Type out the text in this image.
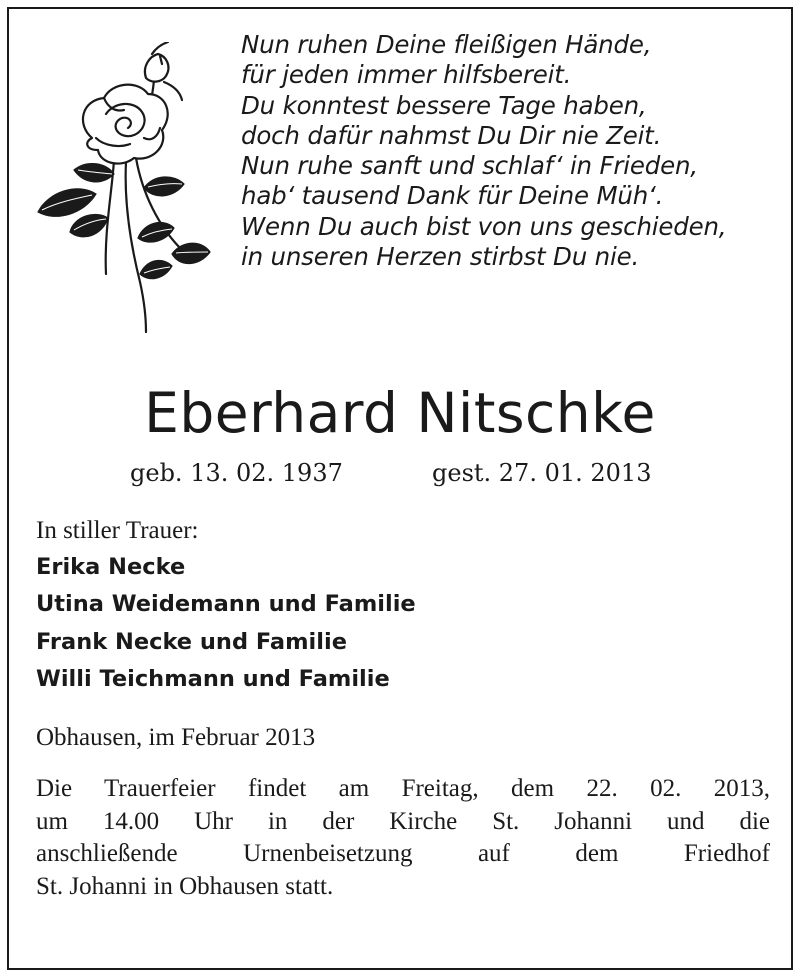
Nun ruhen Deine fleißigen Hände,
für jeden immer hilfsbereit.
Du konntest bessere Tage haben,
doch dafür nahmst Du Dir nie Zeit.
Nun ruhe sanft und schlaf‘ in Frieden,
hab‘ tausend Dank für Deine Müh‘.
Wenn Du auch bist von uns geschieden,
in unseren Herzen stirbst Du nie.
Eberhard Nitschke
geb. 13. 02. 1937	gest. 27. 01. 2013
In stiller Trauer:
Erika Necke
Utina Weidemann und Familie
Frank Necke und Familie
Willi Teichmann und Familie
Obhausen, im Februar 2013
Die Trauerfeier findet am Freitag, dem 22. 02. 2013,
um 14.00 Uhr in der Kirche St. Johanni und die
anschließende Urnenbeisetzung auf dem Friedhof
St. Johanni in Obhausen statt.
